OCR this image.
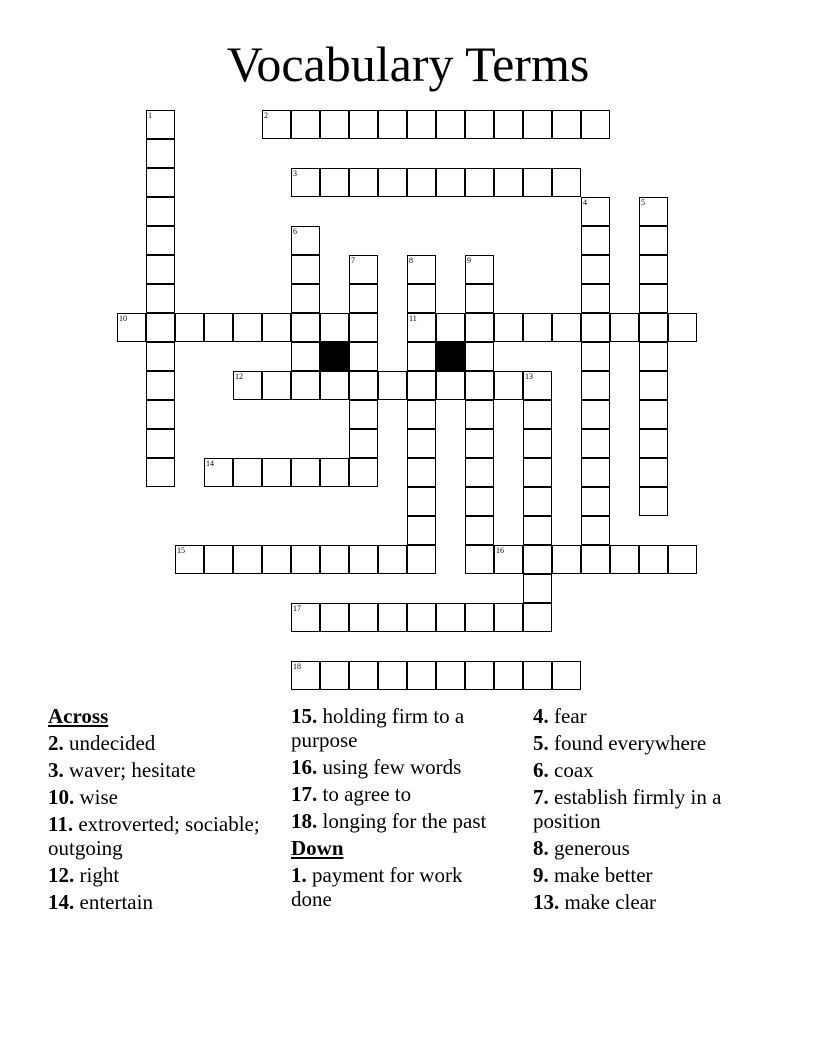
Vocabulary Terms
1	2
3
4	5
6
7	8	9
10	11
12	13
14
15	16
17
18
Across
2. undecided
3. waver; hesitate
10. wise
11. extroverted; sociable; outgoing
12. right
14. entertain
15. holding firm to a purpose
16. using few words
17. to agree to
18. longing for the past
Down
1. payment for work done
4. fear
5. found everywhere
6. coax
7. establish firmly in a position
8. generous
9. make better
13. make clear
